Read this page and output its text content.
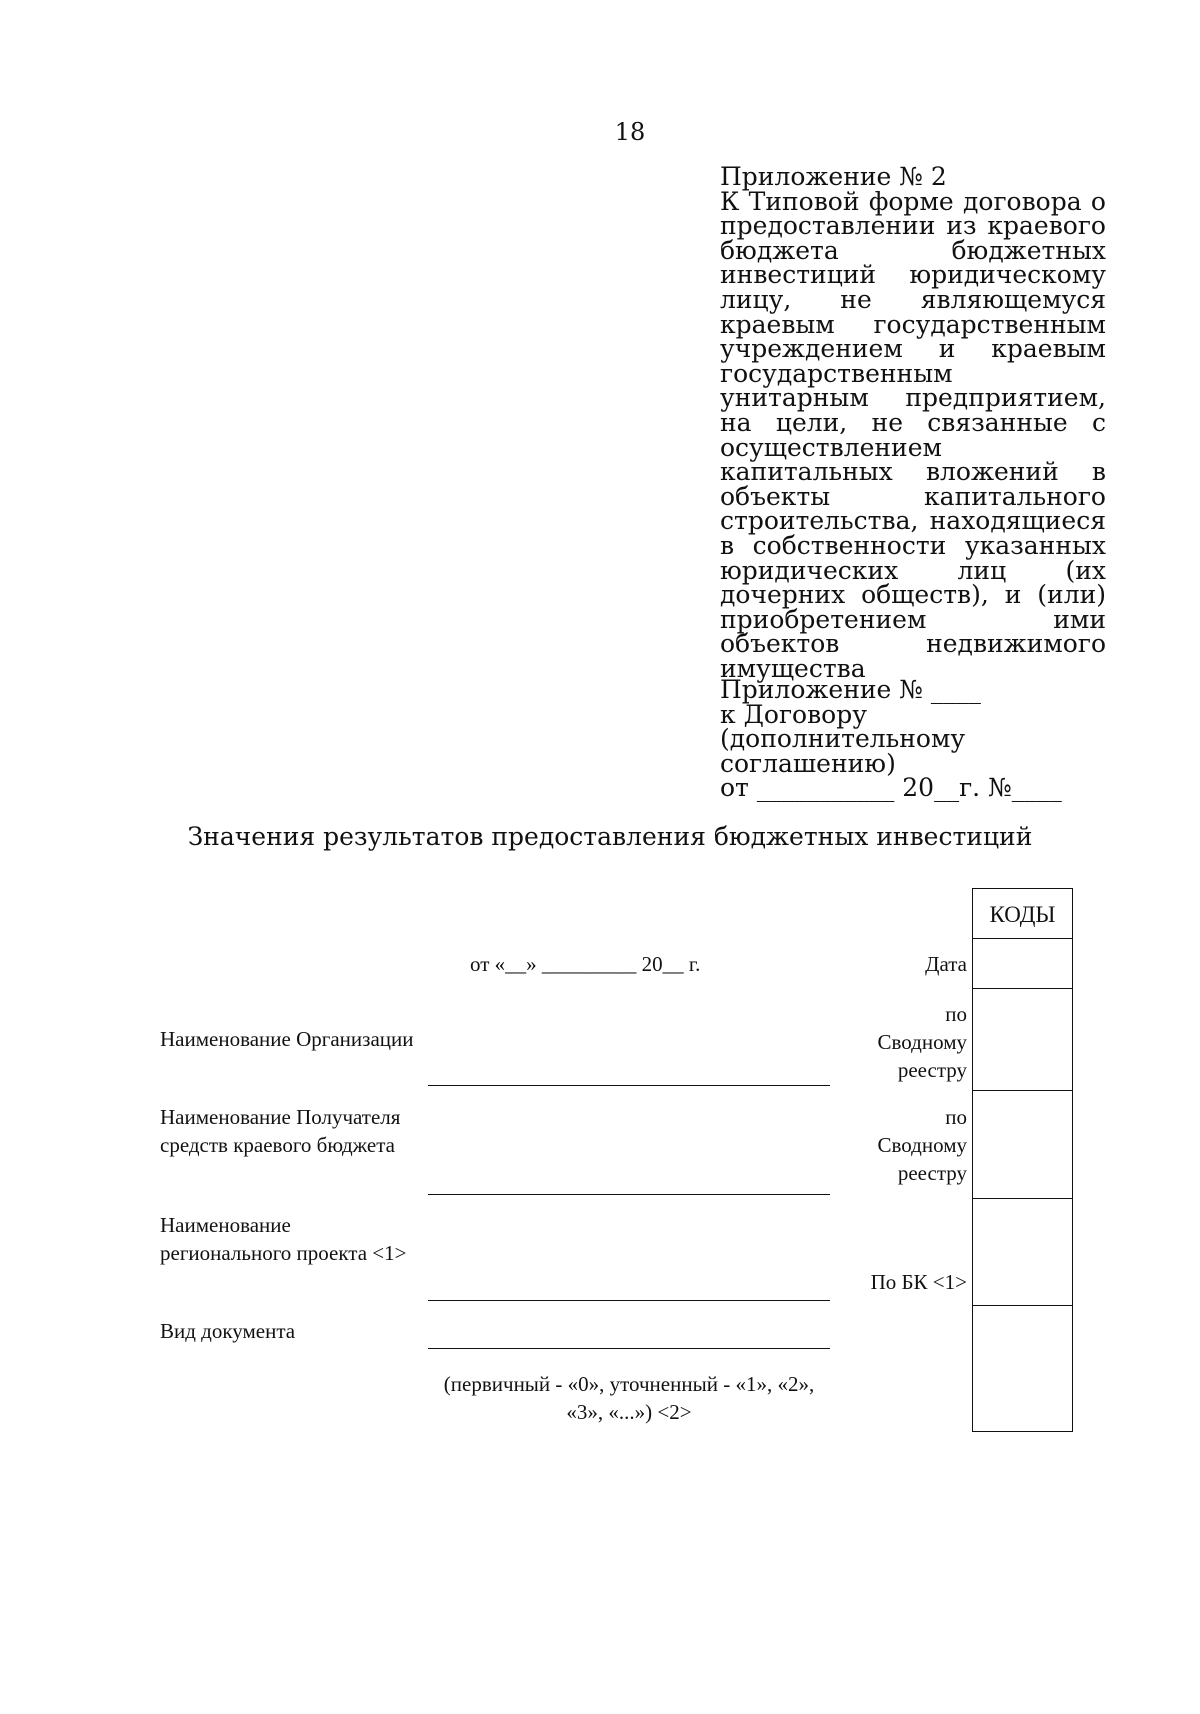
18
Приложение № 2
К Типовой форме договора о предоставлении из краевого бюджета бюджетных инвестиций юридическому лицу, не являющемуся краевым государственным учреждением и краевым государственным унитарным предприятием, на цели, не связанные с осуществлением капитальных вложений в объекты капитального строительства, находящиеся в собственности указанных юридических лиц (их дочерних обществ), и (или) приобретением ими объектов недвижимого имущества
Приложение № ____
к Договору (дополнительному соглашению)
от ___________ 20__г. №____
Значения результатов предоставления бюджетных инвестиций
от «__» _________ 20__ г.
Наименование Организации
Наименование Получателя средств краевого бюджета
Наименование регионального проекта <1>
Вид документа
(первичный - «0», уточненный - «1», «2», «3», «...») <2>
Дата
по Сводному реестру
по Сводному реестру
По БК <1>
КОДЫ
